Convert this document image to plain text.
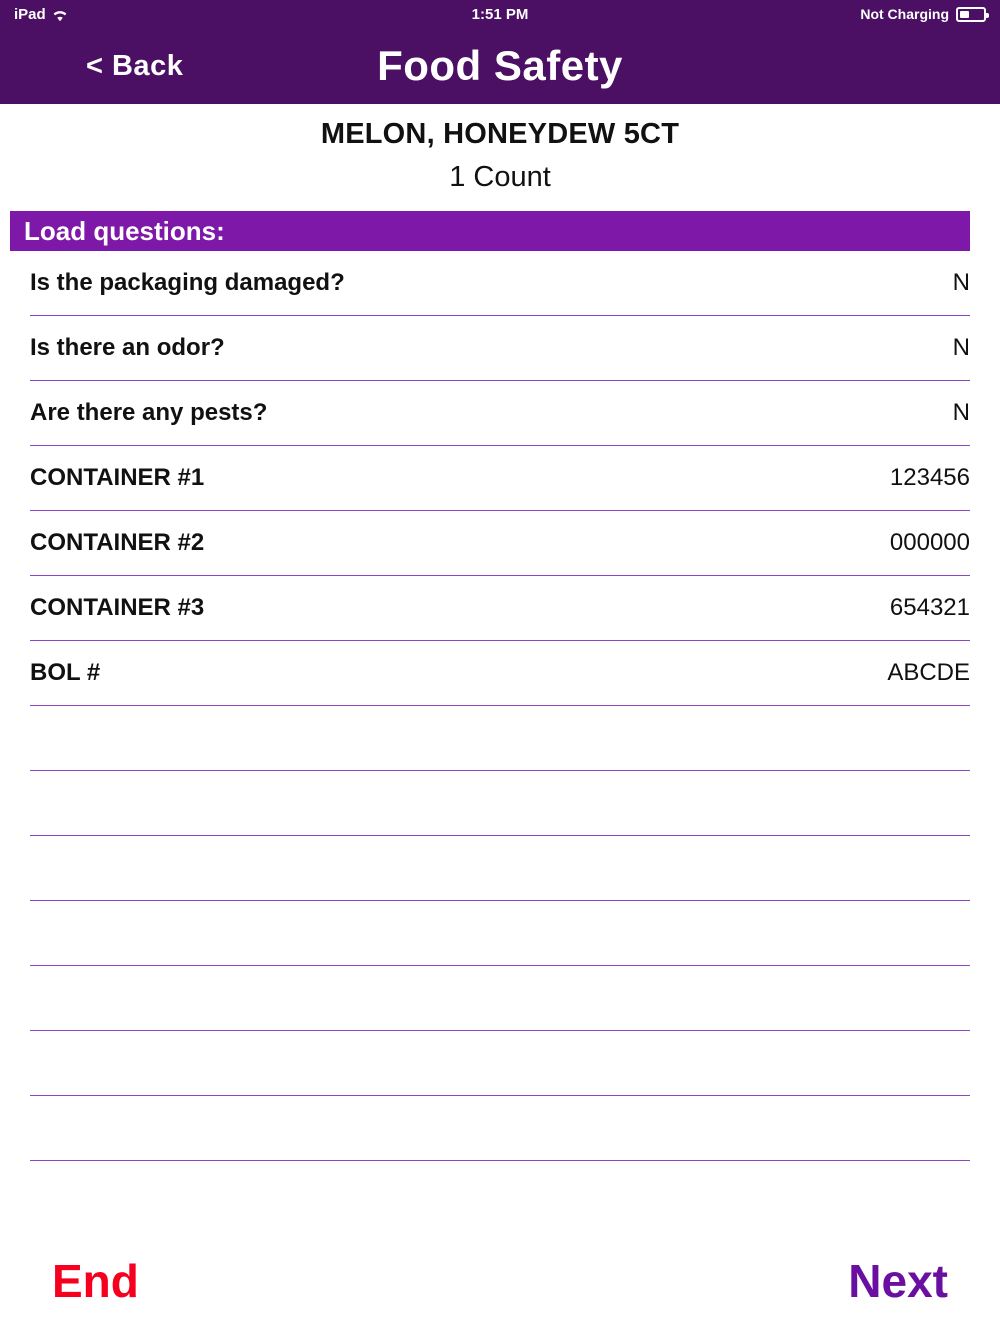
iPad	1:51 PM	Not Charging
< Back	Food Safety
MELON, HONEYDEW 5CT
1 Count
Load questions:
Is the packaging damaged?	N
Is there an odor?	N
Are there any pests?	N
CONTAINER #1	123456
CONTAINER #2	000000
CONTAINER #3	654321
BOL #	ABCDE
End	Next
